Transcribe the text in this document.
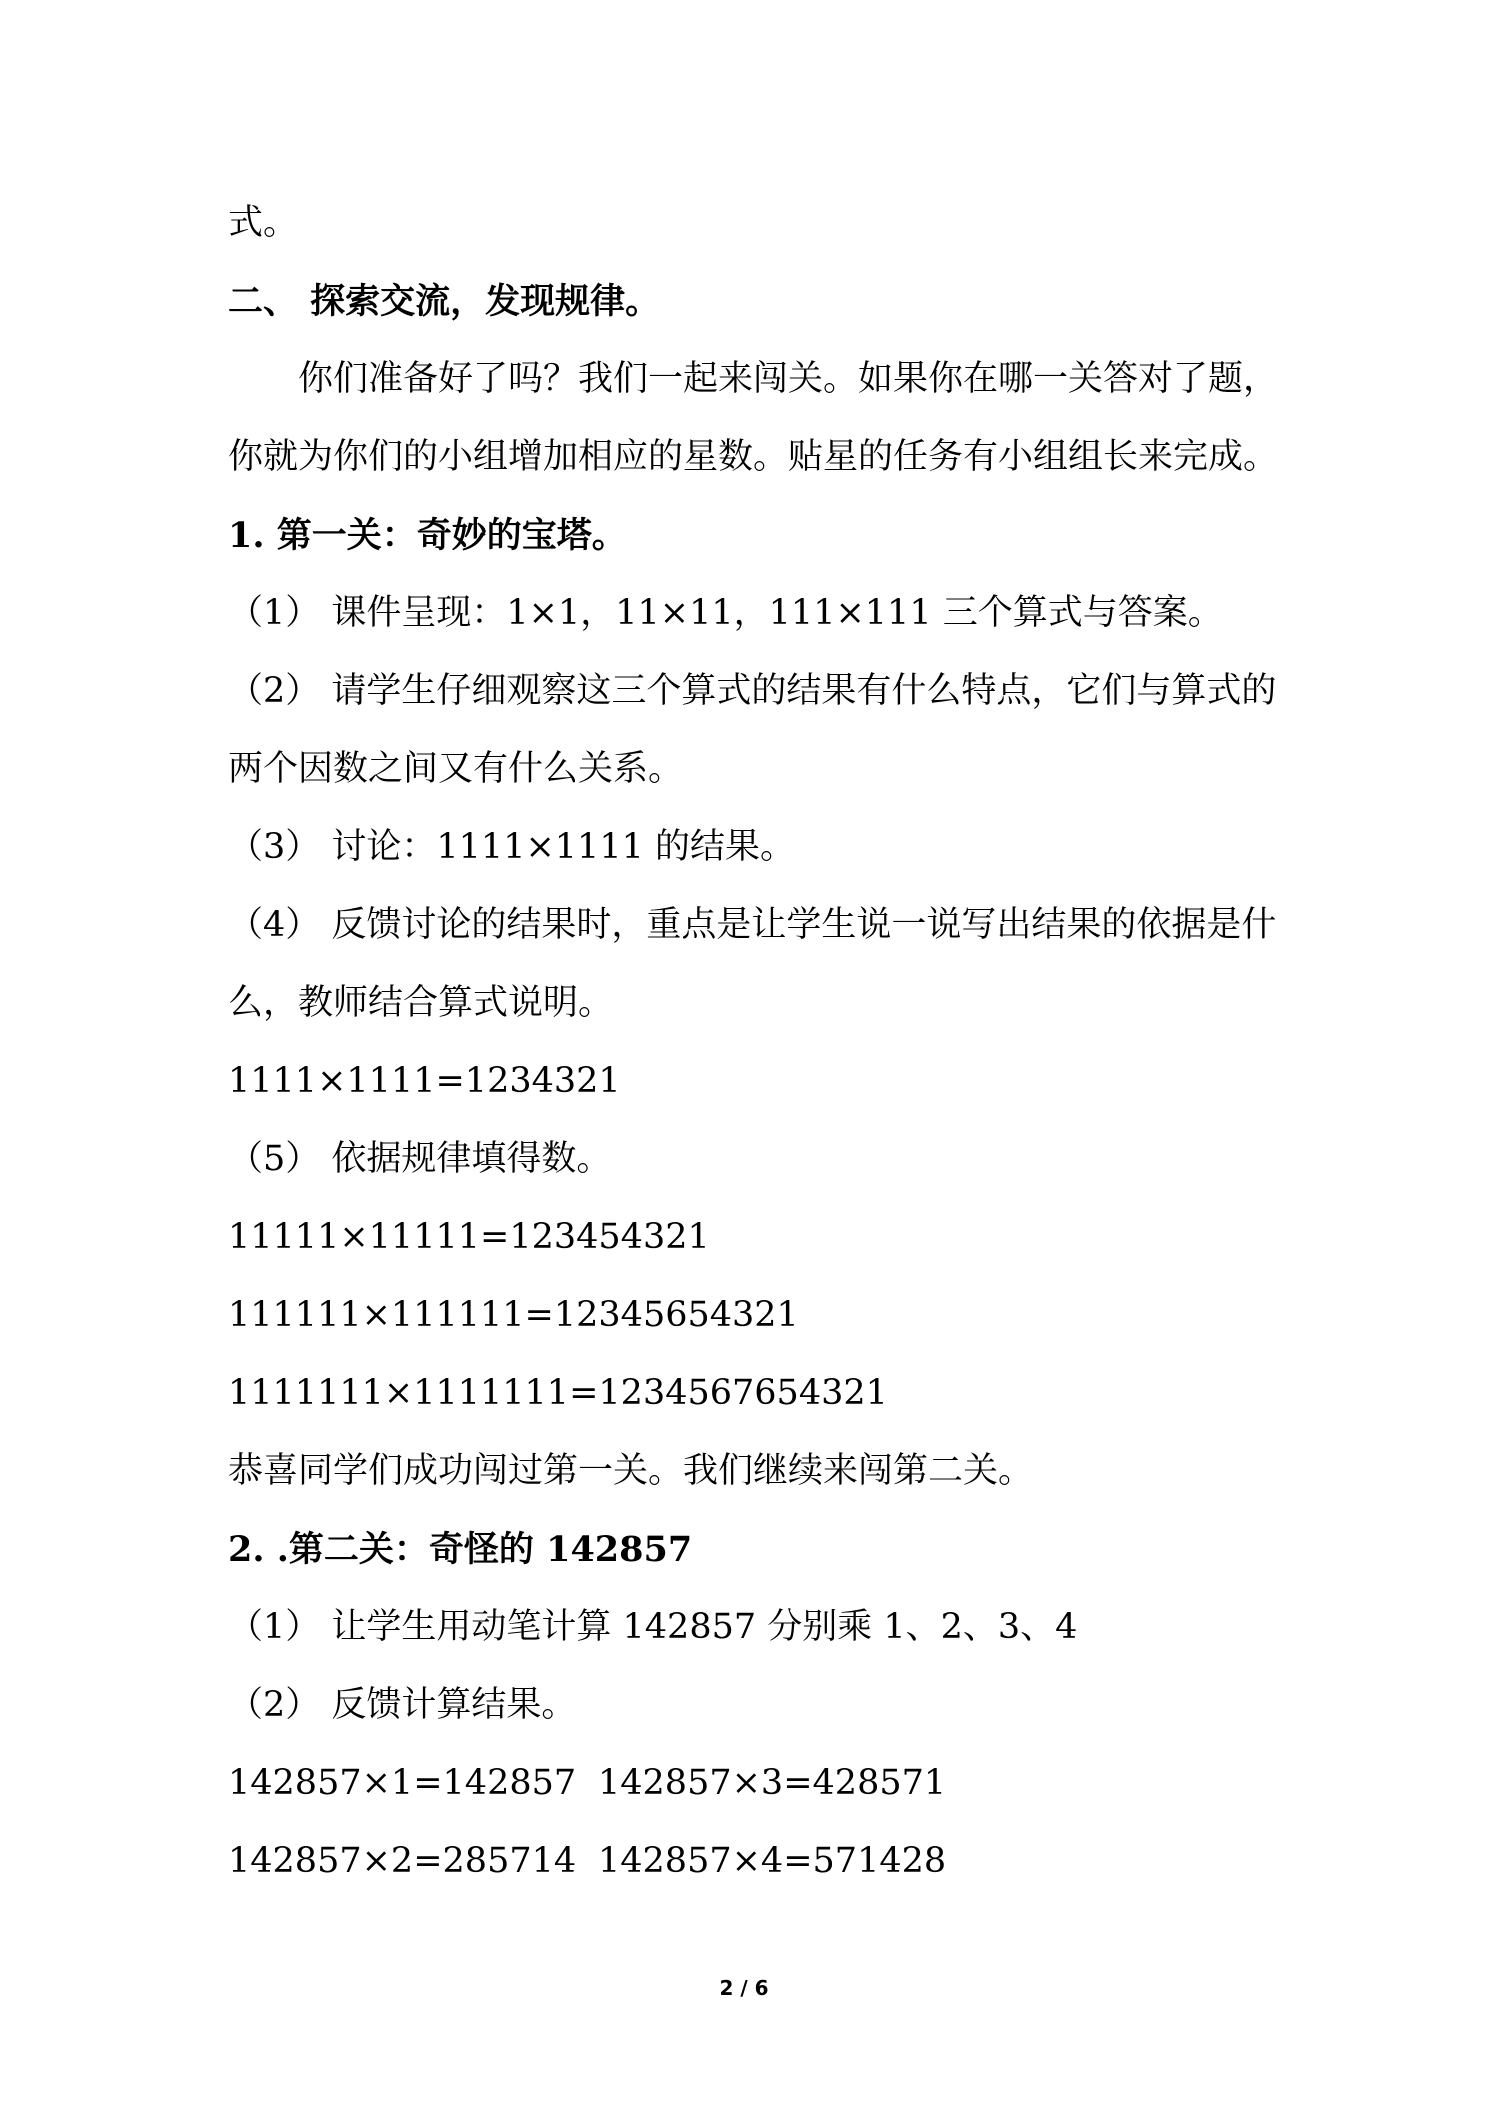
式。
二、 探索交流，发现规律。
你们准备好了吗？我们一起来闯关。如果你在哪一关答对了题，
你就为你们的小组增加相应的星数。贴星的任务有小组组长来完成。
1. 第一关：奇妙的宝塔。
（1） 课件呈现：1×1，11×11，111×111 三个算式与答案。
（2） 请学生仔细观察这三个算式的结果有什么特点，它们与算式的
两个因数之间又有什么关系。
（3） 讨论：1111×1111 的结果。
（4） 反馈讨论的结果时，重点是让学生说一说写出结果的依据是什
么，教师结合算式说明。
1111×1111=1234321
（5） 依据规律填得数。
11111×11111=123454321
111111×111111=12345654321
1111111×1111111=1234567654321
恭喜同学们成功闯过第一关。我们继续来闯第二关。
2. .第二关：奇怪的 142857
（1） 让学生用动笔计算 142857 分别乘 1、2、3、4
（2） 反馈计算结果。
142857×1=142857 142857×3=428571
142857×2=285714 142857×4=571428
2 / 6
